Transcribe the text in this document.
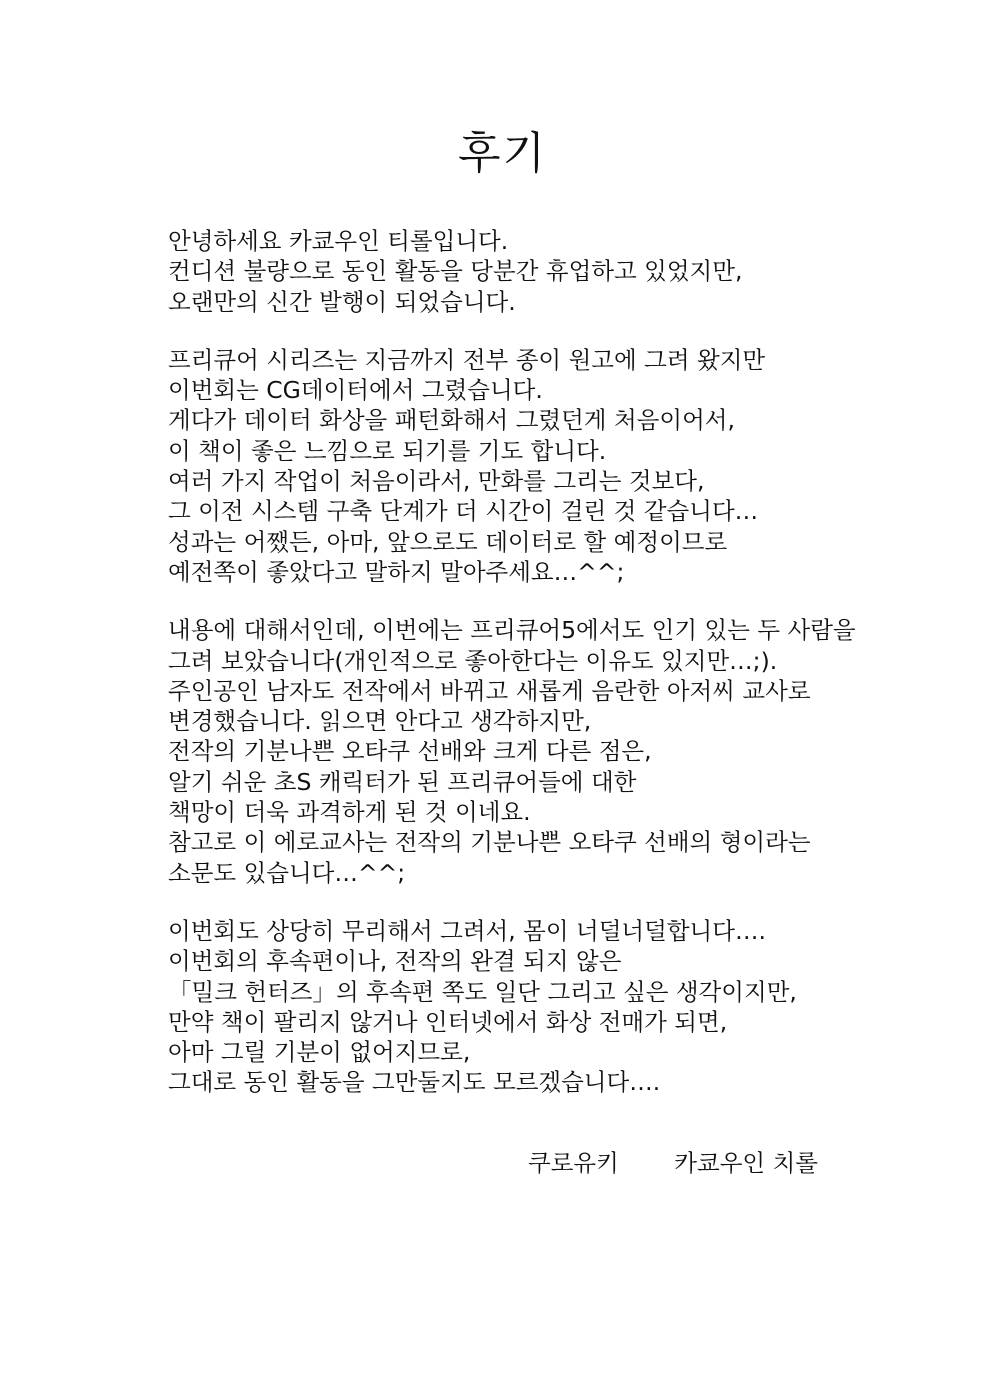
후기
안녕하세요 카쿄우인 티롤입니다.
컨디션 불량으로 동인 활동을 당분간 휴업하고 있었지만,
오랜만의 신간 발행이 되었습니다.
프리큐어 시리즈는 지금까지 전부 종이 원고에 그려 왔지만
이번회는 CG데이터에서 그렸습니다.
게다가 데이터 화상을 패턴화해서 그렸던게 처음이어서,
이 책이 좋은 느낌으로 되기를 기도 합니다.
여러 가지 작업이 처음이라서, 만화를 그리는 것보다,
그 이전 시스템 구축 단계가 더 시간이 걸린 것 같습니다…
성과는 어쨌든, 아마, 앞으로도 데이터로 할 예정이므로
예전쪽이 좋았다고 말하지 말아주세요…^^;
내용에 대해서인데, 이번에는 프리큐어5에서도 인기 있는 두 사람을
그려 보았습니다(개인적으로 좋아한다는 이유도 있지만…;).
주인공인 남자도 전작에서 바뀌고 새롭게 음란한 아저씨 교사로
변경했습니다. 읽으면 안다고 생각하지만,
전작의 기분나쁜 오타쿠 선배와 크게 다른 점은,
알기 쉬운 초S 캐릭터가 된 프리큐어들에 대한
책망이 더욱 과격하게 된 것 이네요.
참고로 이 에로교사는 전작의 기분나쁜 오타쿠 선배의 형이라는
소문도 있습니다…^^;
이번회도 상당히 무리해서 그려서, 몸이 너덜너덜합니다….
이번회의 후속편이나, 전작의 완결 되지 않은
「밀크 헌터즈」의 후속편 쪽도 일단 그리고 싶은 생각이지만,
만약 책이 팔리지 않거나 인터넷에서 화상 전매가 되면,
아마 그릴 기분이 없어지므로,
그대로 동인 활동을 그만둘지도 모르겠습니다….
쿠로유키 카쿄우인 치롤
